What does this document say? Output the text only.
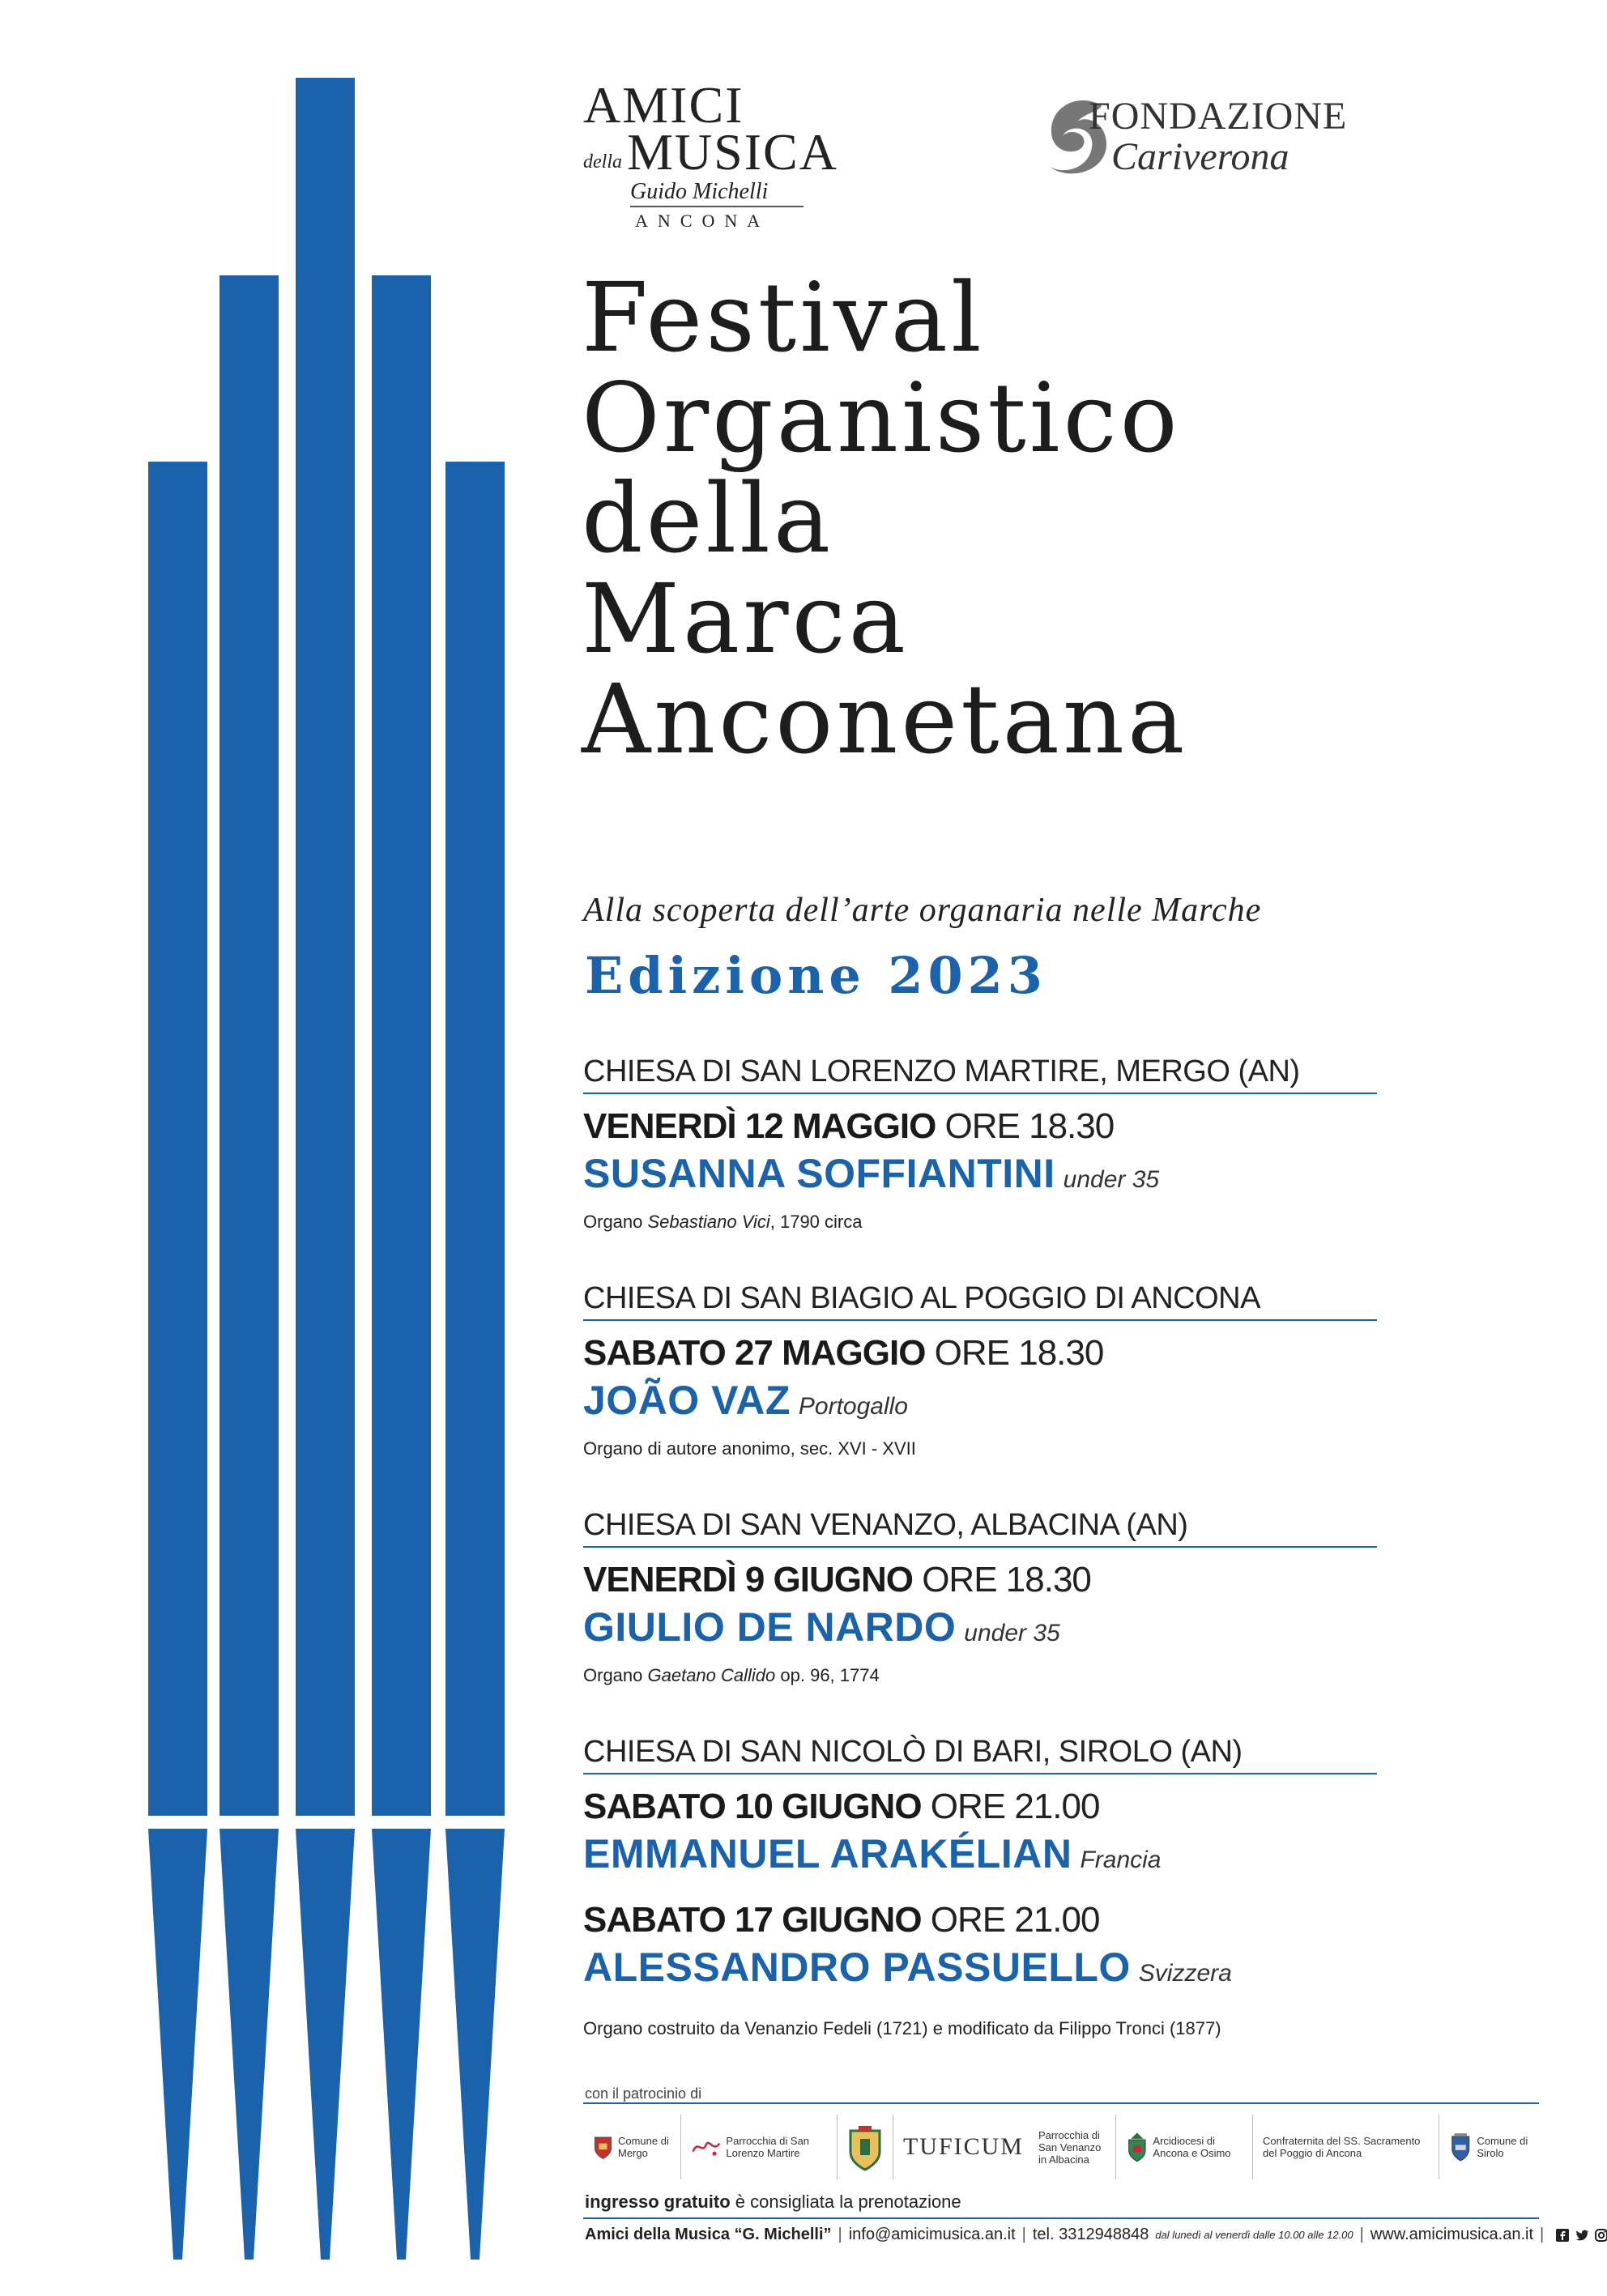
AMICI
della MUSICA
Guido Michelli
ANCONA
FONDAZIONE
Cariverona
Festival
Organistico
della
Marca
Anconetana
Alla scoperta dell’arte organaria nelle Marche
Edizione 2023
CHIESA DI SAN LORENZO MARTIRE, MERGO (AN)
VENERDÌ 12 MAGGIO ORE 18.30
SUSANNA SOFFIANTINI under 35
Organo Sebastiano Vici, 1790 circa
CHIESA DI SAN BIAGIO AL POGGIO DI ANCONA
SABATO 27 MAGGIO ORE 18.30
JOÃO VAZ Portogallo
Organo di autore anonimo, sec. XVI - XVII
CHIESA DI SAN VENANZO, ALBACINA (AN)
VENERDÌ 9 GIUGNO ORE 18.30
GIULIO DE NARDO under 35
Organo Gaetano Callido op. 96, 1774
CHIESA DI SAN NICOLÒ DI BARI, SIROLO (AN)
SABATO 10 GIUGNO ORE 21.00
EMMANUEL ARAKÉLIAN Francia
SABATO 17 GIUGNO ORE 21.00
ALESSANDRO PASSUELLO Svizzera
Organo costruito da Venanzio Fedeli (1721) e modificato da Filippo Tronci (1877)
con il patrocinio di
Comune di Mergo
Parrocchia di San Lorenzo Martire	TUFICUM Parrocchia di San Venanzo in Albacina
Arcidiocesi di Ancona e Osimo
Confraternita del SS. Sacramento del Poggio di Ancona
Comune di Sirolo
ingresso gratuito è consigliata la prenotazione
Amici della Musica “G. Michelli” | info@amicimusica.an.it | tel. 3312948848 dal lunedì al venerdì dalle 10.00 alle 12.00 | www.amicimusica.an.it |
